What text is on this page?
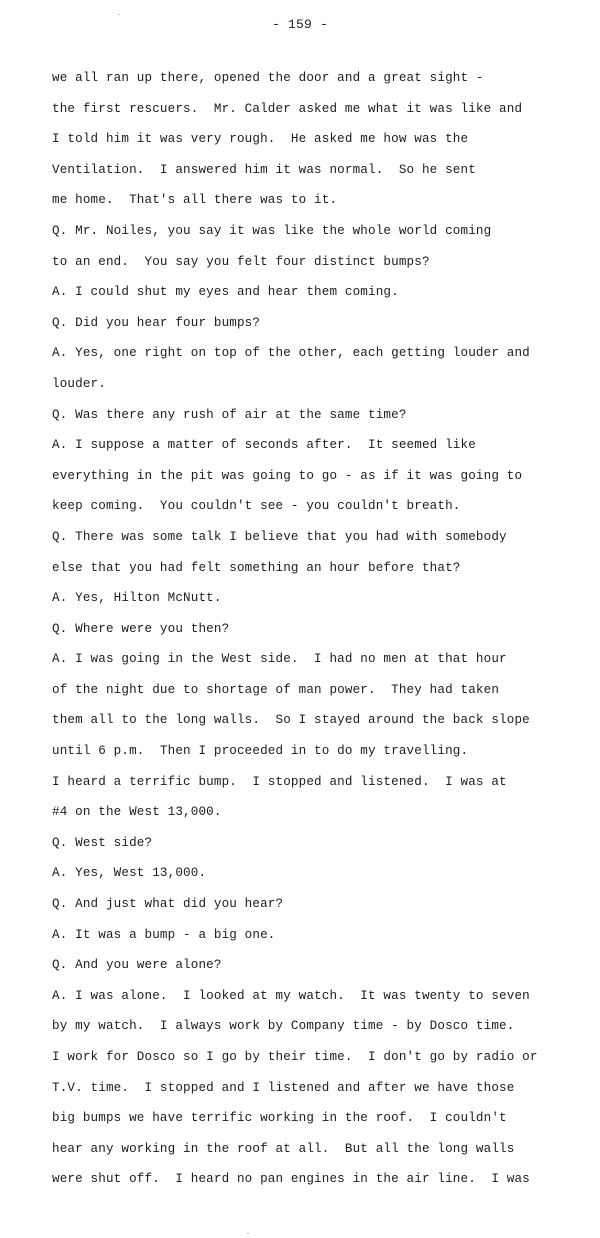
- 159 -
we all ran up there, opened the door and a great sight -
the first rescuers.  Mr. Calder asked me what it was like and
I told him it was very rough.  He asked me how was the
Ventilation.  I answered him it was normal.  So he sent
me home.  That's all there was to it.
Q. Mr. Noiles, you say it was like the whole world coming
to an end.  You say you felt four distinct bumps?
A. I could shut my eyes and hear them coming.
Q. Did you hear four bumps?
A. Yes, one right on top of the other, each getting louder and
louder.
Q. Was there any rush of air at the same time?
A. I suppose a matter of seconds after.  It seemed like
everything in the pit was going to go - as if it was going to
keep coming.  You couldn't see - you couldn't breath.
Q. There was some talk I believe that you had with somebody
else that you had felt something an hour before that?
A. Yes, Hilton McNutt.
Q. Where were you then?
A. I was going in the West side.  I had no men at that hour
of the night due to shortage of man power.  They had taken
them all to the long walls.  So I stayed around the back slope
until 6 p.m.  Then I proceeded in to do my travelling.
I heard a terrific bump.  I stopped and listened.  I was at
#4 on the West 13,000.
Q. West side?
A. Yes, West 13,000.
Q. And just what did you hear?
A. It was a bump - a big one.
Q. And you were alone?
A. I was alone.  I looked at my watch.  It was twenty to seven
by my watch.  I always work by Company time - by Dosco time.
I work for Dosco so I go by their time.  I don't go by radio or
T.V. time.  I stopped and I listened and after we have those
big bumps we have terrific working in the roof.  I couldn't
hear any working in the roof at all.  But all the long walls
were shut off.  I heard no pan engines in the air line.  I was
